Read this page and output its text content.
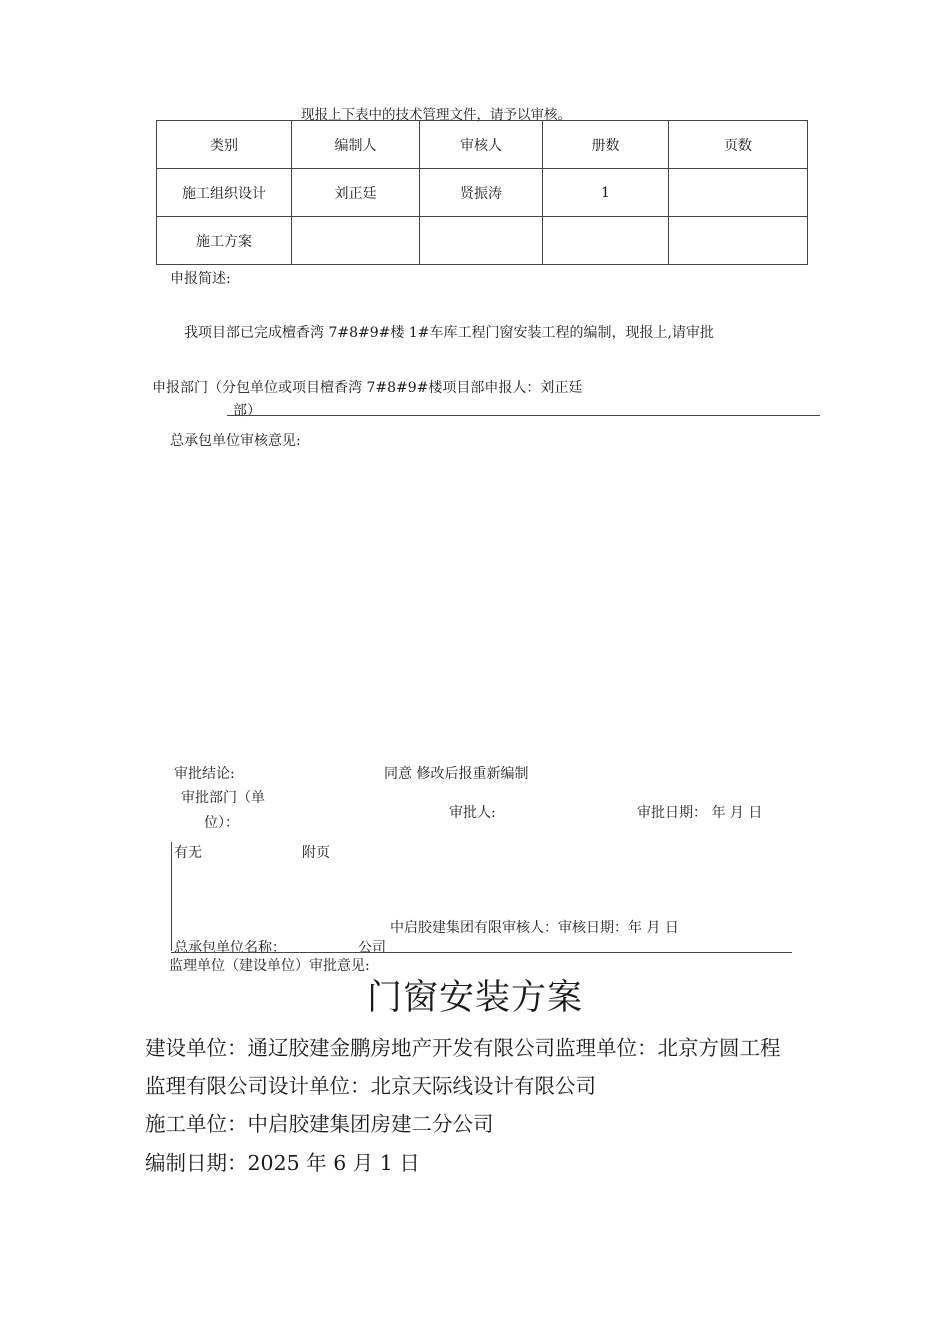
现报上下表中的技术管理文件，请予以审核。
类别	编制人	审核人	册数	页数
施工组织设计	刘正廷	贤振涛	1	
施工方案				
申报简述:
我项目部已完成檀香湾 7#8#9#楼 1#车库工程门窗安装工程的编制，现报上,请审批
申报部门（分包单位或项目檀香湾 7#8#9#楼项目部申报人：刘正廷
部）
总承包单位审核意见:
审批结论:	同意 修改后报重新编制
审批部门（单
位）：
审批人:	审批日期： 年 月 日
有无	附页
中启胶建集团有限审核人：审核日期：年 月 日
总承包单位名称：	公司
监理单位（建设单位）审批意见:
门窗安装方案
建设单位：通辽胶建金鹏房地产开发有限公司监理单位：北京方圆工程
监理有限公司设计单位：北京天际线设计有限公司
施工单位：中启胶建集团房建二分公司
编制日期：2025 年 6 月 1 日
